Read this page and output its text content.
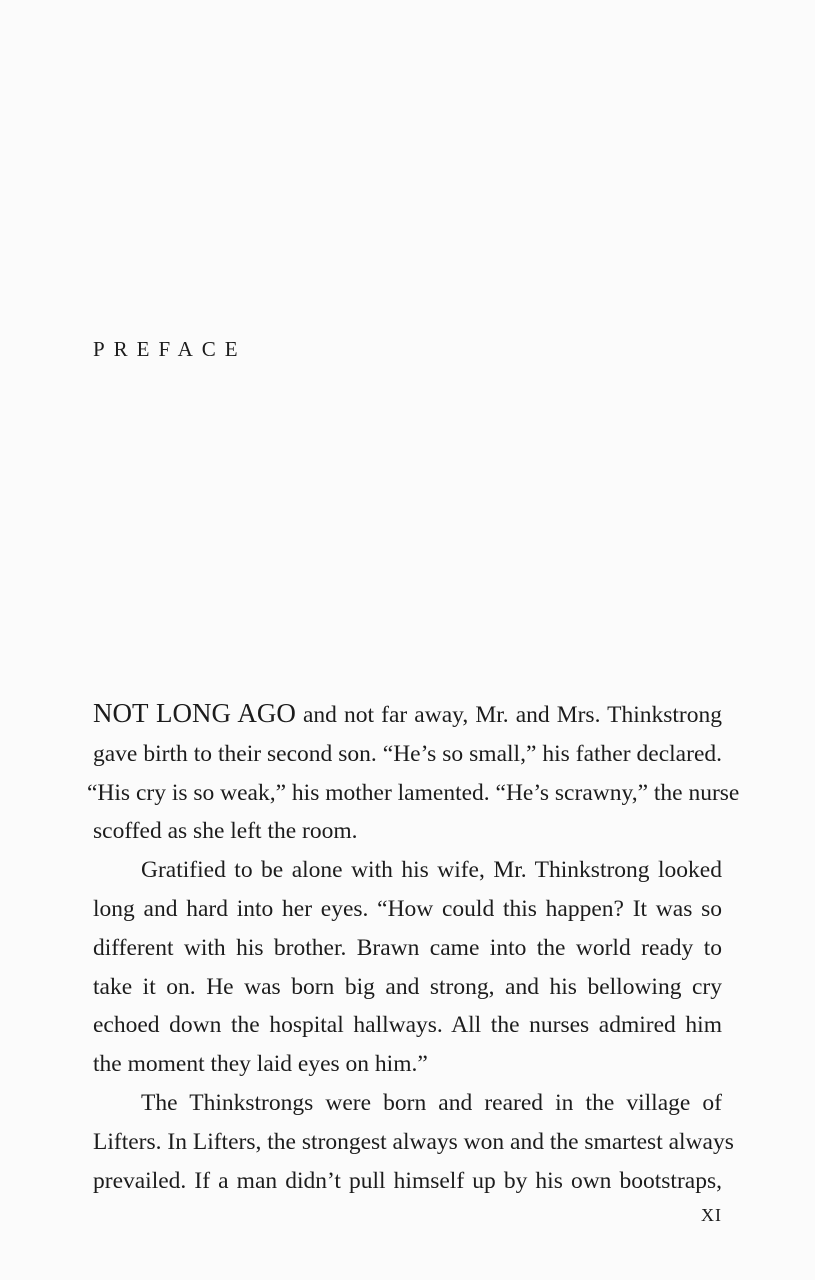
PREFACE
NOT LONG AGO and not far away, Mr. and Mrs. Thinkstrong
gave birth to their second son. “He’s so small,” his father declared.
“His cry is so weak,” his mother lamented. “He’s scrawny,” the nurse
scoffed as she left the room.
Gratified to be alone with his wife, Mr. Thinkstrong looked
long and hard into her eyes. “How could this happen? It was so
different with his brother. Brawn came into the world ready to
take it on. He was born big and strong, and his bellowing cry
echoed down the hospital hallways. All the nurses admired him
the moment they laid eyes on him.”
The Thinkstrongs were born and reared in the village of
Lifters. In Lifters, the strongest always won and the smartest always
prevailed. If a man didn’t pull himself up by his own bootstraps,
XI
